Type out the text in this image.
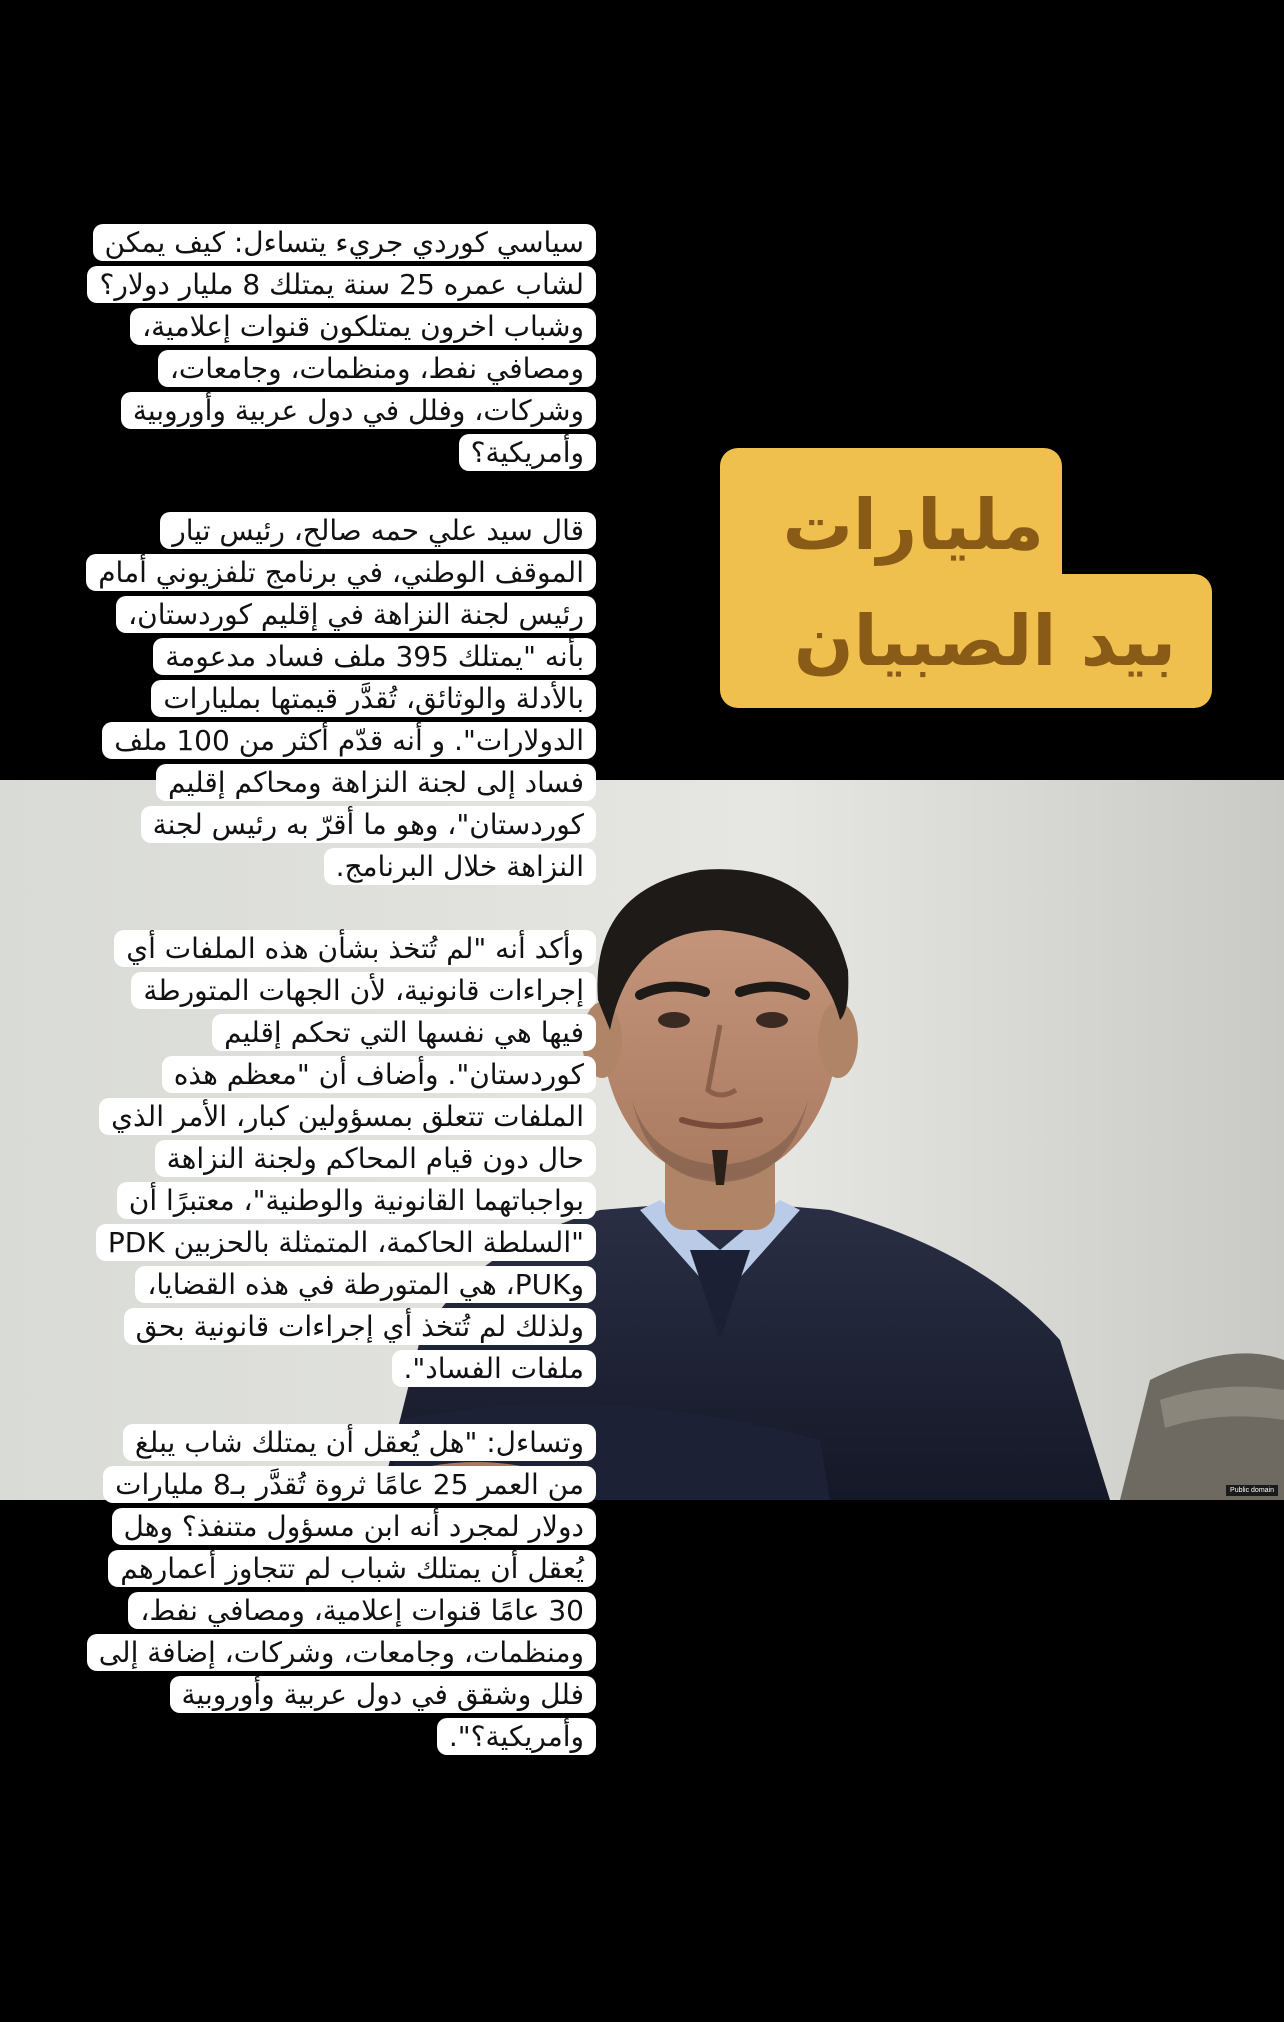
Public domain
مليارات
بيد الصبيان

سياسي كوردي جريء يتساءل: كيف يمكن لشاب عمره 25 سنة يمتلك 8 مليار دولار؟ وشباب اخرون يمتلكون قنوات إعلامية، ومصافي نفط، ومنظمات، وجامعات، وشركات، وفلل في دول عربية وأوروبية وأمريكية؟

قال سيد علي حمه صالح، رئيس تيار الموقف الوطني، في برنامج تلفزيوني أمام رئيس لجنة النزاهة في إقليم كوردستان، بأنه "يمتلك 395 ملف فساد مدعومة بالأدلة والوثائق، تُقدَّر قيمتها بمليارات الدولارات". و أنه قدّم أكثر من 100 ملف فساد إلى لجنة النزاهة ومحاكم إقليم كوردستان"، وهو ما أقرّ به رئيس لجنة النزاهة خلال البرنامج.

وأكد أنه "لم تُتخذ بشأن هذه الملفات أي إجراءات قانونية، لأن الجهات المتورطة فيها هي نفسها التي تحكم إقليم كوردستان". وأضاف أن "معظم هذه الملفات تتعلق بمسؤولين كبار، الأمر الذي حال دون قيام المحاكم ولجنة النزاهة بواجباتهما القانونية والوطنية"، معتبرًا أن "السلطة الحاكمة، المتمثلة بالحزبين PDK وPUK، هي المتورطة في هذه القضايا، ولذلك لم تُتخذ أي إجراءات قانونية بحق ملفات الفساد".

وتساءل: "هل يُعقل أن يمتلك شاب يبلغ من العمر 25 عامًا ثروة تُقدَّر بـ8 مليارات دولار لمجرد أنه ابن مسؤول متنفذ؟ وهل يُعقل أن يمتلك شباب لم تتجاوز أعمارهم 30 عامًا قنوات إعلامية، ومصافي نفط، ومنظمات، وجامعات، وشركات، إضافة إلى فلل وشقق في دول عربية وأوروبية وأمريكية؟".
